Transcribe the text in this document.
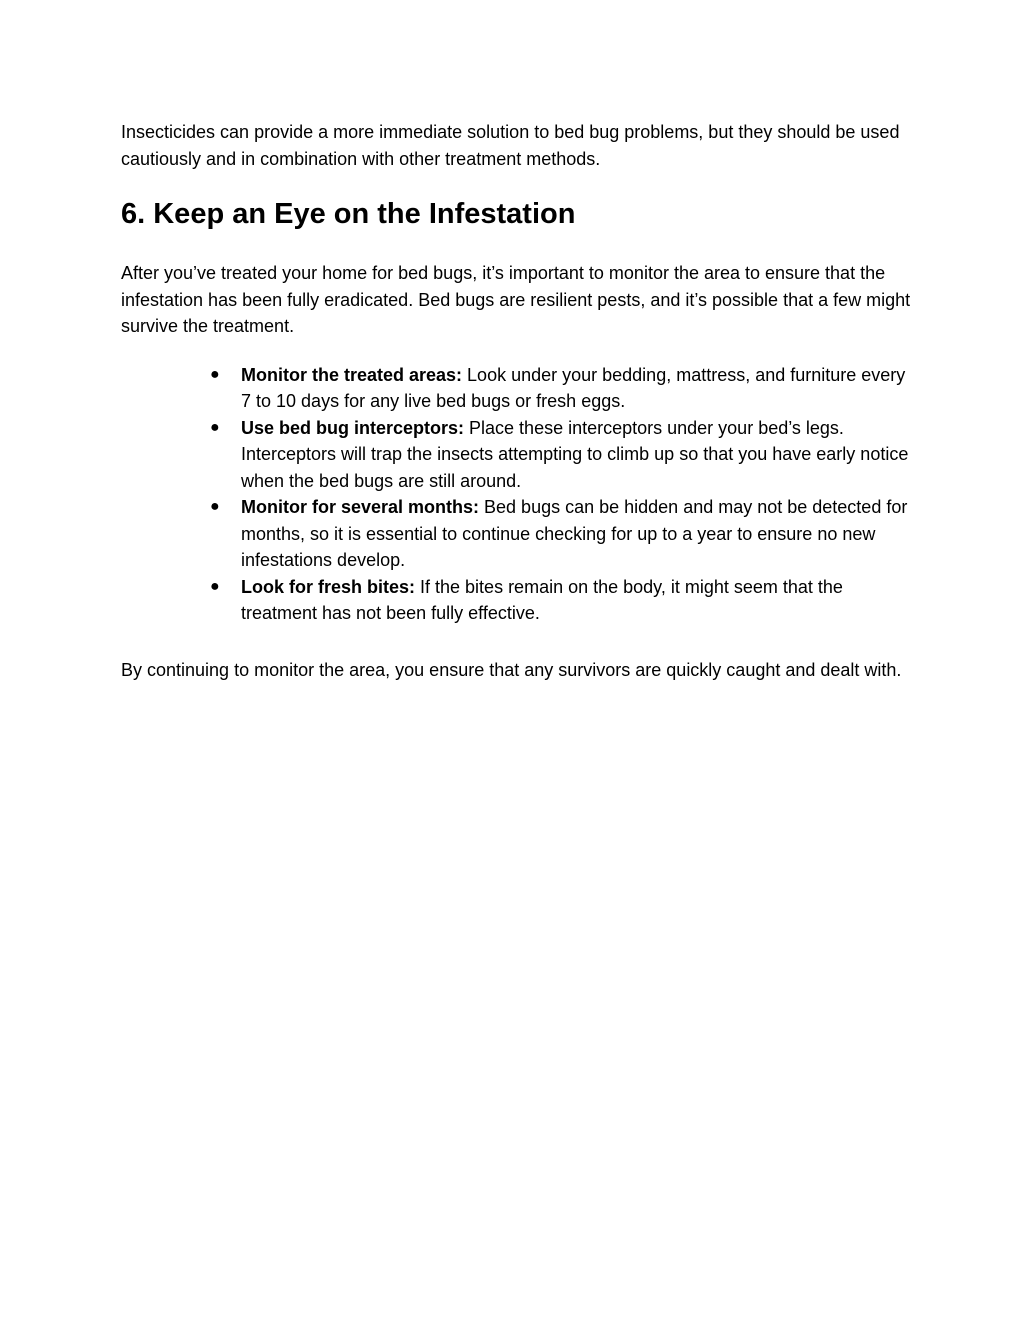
Insecticides can provide a more immediate solution to bed bug problems, but they should be used cautiously and in combination with other treatment methods.

6. Keep an Eye on the Infestation

After you’ve treated your home for bed bugs, it’s important to monitor the area to ensure that the infestation has been fully eradicated. Bed bugs are resilient pests, and it’s possible that a few might survive the treatment.

● Monitor the treated areas: Look under your bedding, mattress, and furniture every 7 to 10 days for any live bed bugs or fresh eggs.
● Use bed bug interceptors: Place these interceptors under your bed’s legs. Interceptors will trap the insects attempting to climb up so that you have early notice when the bed bugs are still around.
● Monitor for several months: Bed bugs can be hidden and may not be detected for months, so it is essential to continue checking for up to a year to ensure no new infestations develop.
● Look for fresh bites: If the bites remain on the body, it might seem that the treatment has not been fully effective.

By continuing to monitor the area, you ensure that any survivors are quickly caught and dealt with.
